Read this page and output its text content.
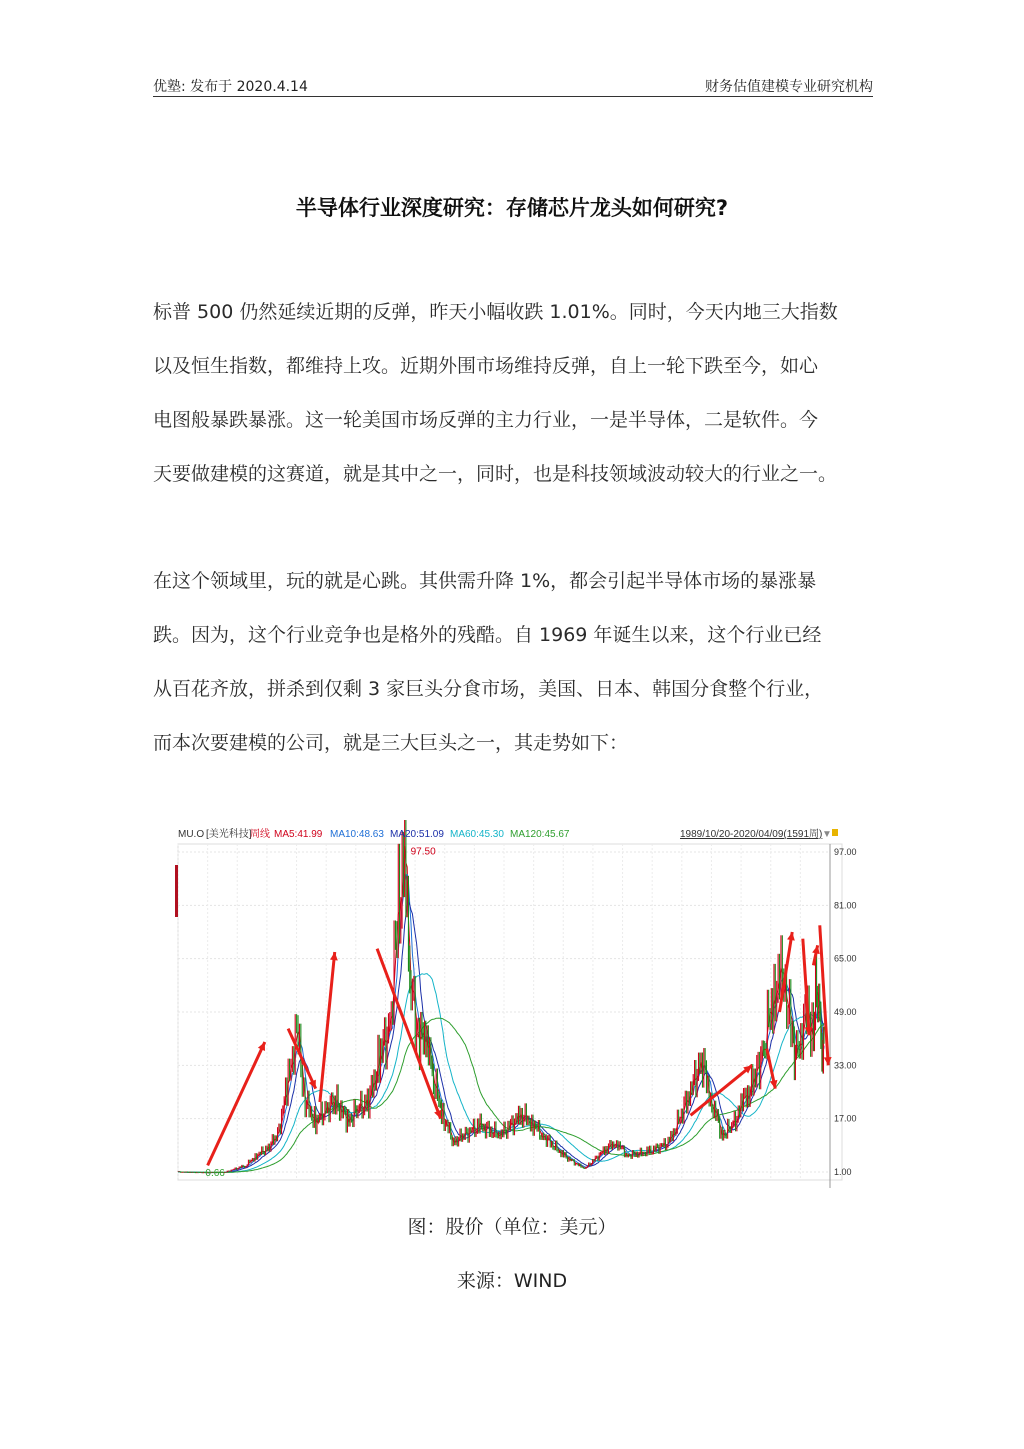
优塾: 发布于 2020.4.14	财务估值建模专业研究机构
半导体行业深度研究：存储芯片龙头如何研究?
标普 500 仍然延续近期的反弹，昨天小幅收跌 1.01%。同时，今天内地三大指数
以及恒生指数，都维持上攻。近期外围市场维持反弹，自上一轮下跌至今，如心
电图般暴跌暴涨。这一轮美国市场反弹的主力行业，一是半导体，二是软件。今
天要做建模的这赛道，就是其中之一，同时，也是科技领域波动较大的行业之一。
在这个领域里，玩的就是心跳。其供需升降 1%，都会引起半导体市场的暴涨暴
跌。因为，这个行业竞争也是格外的残酷。自 1969 年诞生以来，这个行业已经
从百花齐放，拼杀到仅剩 3 家巨头分食市场，美国、日本、韩国分食整个行业，
而本次要建模的公司，就是三大巨头之一，其走势如下：
97.00
81.00
65.00
49.00
33.00
17.00
1.00
MU.O [美光科技]
周线 MA5:41.99 MA10:48.63 MA20:51.09 MA60:45.30 MA120:45.67	1989/10/20-2020/04/09(1591周) ▼
97.50
0.66
图：股价（单位：美元）
来源：WIND
